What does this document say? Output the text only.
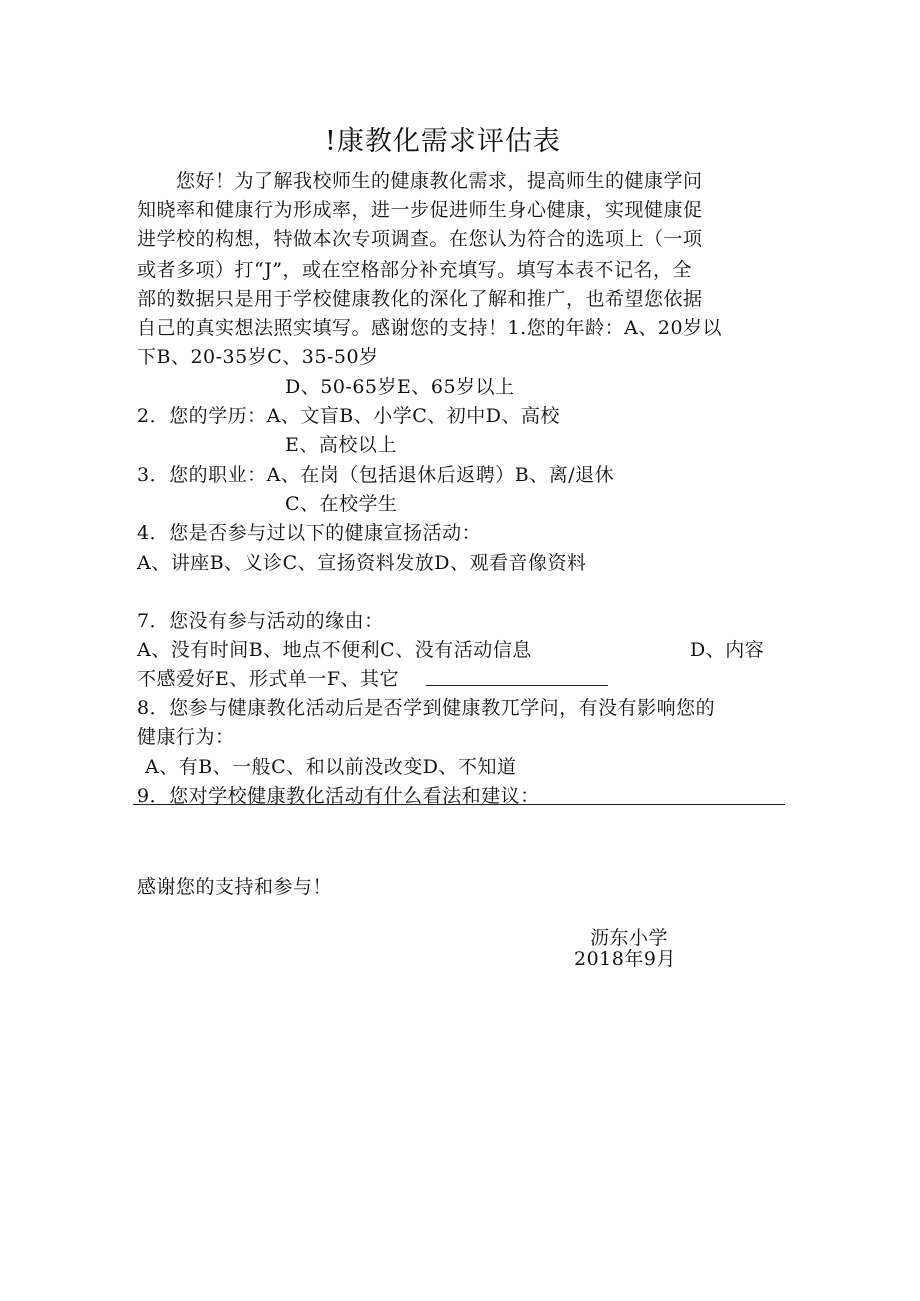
!康教化需求评估表
您好！为了解我校师生的健康教化需求，提高师生的健康学问
知晓率和健康行为形成率，进一步促进师生身心健康，实现健康促
进学校的构想，特做本次专项调查。在您认为符合的选项上（一项
或者多项）打“J”，或在空格部分补充填写。填写本表不记名，全
部的数据只是用于学校健康教化的深化了解和推广，也希望您依据
自己的真实想法照实填写。感谢您的支持！1.您的年龄：A、20岁以
下B、20-35岁C、35-50岁
D、50-65岁E、65岁以上
2．您的学历：A、文盲B、小学C、初中D、高校
E、高校以上
3．您的职业：A、在岗（包括退休后返聘）B、离/退休
C、在校学生
4．您是否参与过以下的健康宣扬活动：
A、讲座B、义诊C、宣扬资料发放D、观看音像资料
7．您没有参与活动的缘由：
A、没有时间B、地点不便利C、没有活动信息	D、内容
不感爱好E、形式单一F、其它
8．您参与健康教化活动后是否学到健康教兀学问，有没有影响您的
健康行为：
A、有B、一般C、和以前没改变D、不知道
9．您对学校健康教化活动有什么看法和建议：
感谢您的支持和参与！
沥东小学
2018年9月
